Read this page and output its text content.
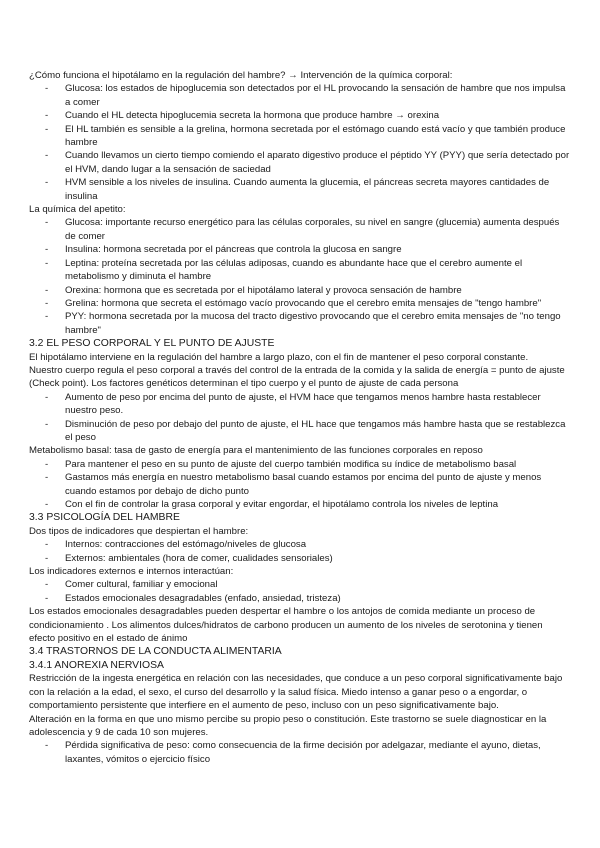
¿Cómo funciona el hipotálamo en la regulación del hambre? → Intervención de la química corporal:

- Glucosa: los estados de hipoglucemia son detectados por el HL provocando la sensación de hambre que nos impulsa a comer
- Cuando el HL detecta hipoglucemia secreta la hormona que produce hambre → orexina
- El HL también es sensible a la grelina, hormona secretada por el estómago cuando está vacío y que también produce hambre
- Cuando llevamos un cierto tiempo comiendo el aparato digestivo produce el péptido YY (PYY) que sería detectado por el HVM, dando lugar a la sensación de saciedad
- HVM sensible a los niveles de insulina. Cuando aumenta la glucemia, el páncreas secreta mayores cantidades de insulina

La química del apetito:

- Glucosa: importante recurso energético para las células corporales, su nivel en sangre (glucemia) aumenta después de comer
- Insulina: hormona secretada por el páncreas que controla la glucosa en sangre
- Leptina: proteína secretada por las células adiposas, cuando es abundante hace que el cerebro aumente el metabolismo y diminuta el hambre
- Orexina: hormona que es secretada por el hipotálamo lateral y provoca sensación de hambre
- Grelina: hormona que secreta el estómago vacío provocando que el cerebro emita mensajes de "tengo hambre"
- PYY: hormona secretada por la mucosa del tracto digestivo provocando que el cerebro emita mensajes de "no tengo hambre"

3.2 EL PESO CORPORAL Y EL PUNTO DE AJUSTE

El hipotálamo interviene en la regulación del hambre a largo plazo, con el fin de mantener el peso corporal constante.

Nuestro cuerpo regula el peso corporal a través del control de la entrada de la comida y la salida de energía = punto de ajuste (Check point). Los factores genéticos determinan el tipo cuerpo y el punto de ajuste de cada persona

- Aumento de peso por encima del punto de ajuste, el HVM hace que tengamos menos hambre hasta restablecer nuestro peso.
- Disminución de peso por debajo del punto de ajuste, el HL hace que tengamos más hambre hasta que se restablezca el peso

Metabolismo basal: tasa de gasto de energía para el mantenimiento de las funciones corporales en reposo

- Para mantener el peso en su punto de ajuste del cuerpo también modifica su índice de metabolismo basal
- Gastamos más energía en nuestro metabolismo basal cuando estamos por encima del punto de ajuste y menos cuando estamos por debajo de dicho punto
- Con el fin de controlar la grasa corporal y evitar engordar, el hipotálamo controla los niveles de leptina

3.3 PSICOLOGÍA DEL HAMBRE

Dos tipos de indicadores que despiertan el hambre:

- Internos: contracciones del estómago/niveles de glucosa
- Externos: ambientales (hora de comer, cualidades sensoriales)

Los indicadores externos e internos interactúan:

- Comer cultural, familiar y emocional
- Estados emocionales desagradables (enfado, ansiedad, tristeza)

Los estados emocionales desagradables pueden despertar el hambre o los antojos de comida mediante un proceso de condicionamiento . Los alimentos dulces/hidratos de carbono producen un aumento de los niveles de serotonina y tienen efecto positivo en el estado de ánimo

3.4 TRASTORNOS DE LA CONDUCTA ALIMENTARIA

3.4.1 ANOREXIA NERVIOSA

Restricción de la ingesta energética en relación con las necesidades, que conduce a un peso corporal significativamente bajo con la relación a la edad, el sexo, el curso del desarrollo y la salud física. Miedo intenso a ganar peso o a engordar, o comportamiento persistente que interfiere en el aumento de peso, incluso con un peso significativamente bajo.

Alteración en la forma en que uno mismo percibe su propio peso o constitución. Este trastorno se suele diagnosticar en la adolescencia y 9 de cada 10 son mujeres.

- Pérdida significativa de peso: como consecuencia de la firme decisión por adelgazar, mediante el ayuno, dietas, laxantes, vómitos o ejercicio físico
